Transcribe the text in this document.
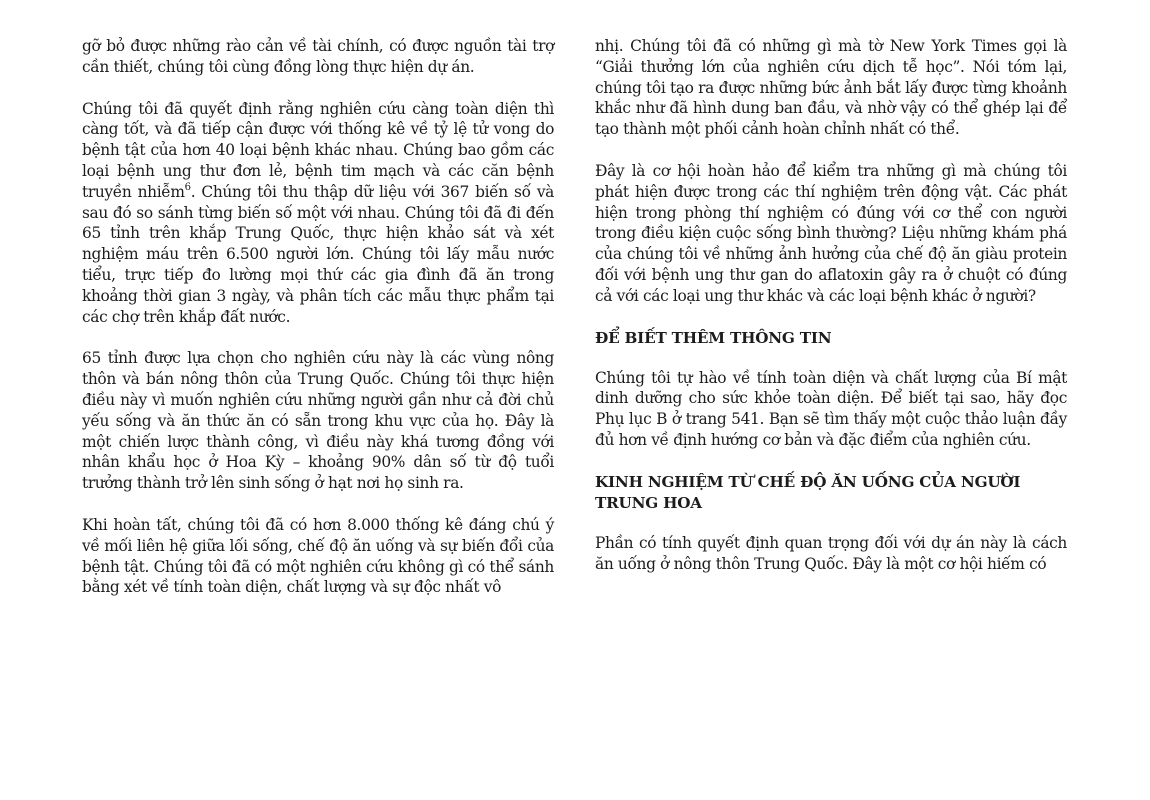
gỡ bỏ được những rào cản về tài chính, có được nguồn tài trợ cần thiết, chúng tôi cùng đồng lòng thực hiện dự án.

Chúng tôi đã quyết định rằng nghiên cứu càng toàn diện thì càng tốt, và đã tiếp cận được với thống kê về tỷ lệ tử vong do bệnh tật của hơn 40 loại bệnh khác nhau. Chúng bao gồm các loại bệnh ung thư đơn lẻ, bệnh tim mạch và các căn bệnh truyền nhiễm$^6$. Chúng tôi thu thập dữ liệu với 367 biến số và sau đó so sánh từng biến số một với nhau. Chúng tôi đã đi đến 65 tỉnh trên khắp Trung Quốc, thực hiện khảo sát và xét nghiệm máu trên 6.500 người lớn. Chúng tôi lấy mẫu nước tiểu, trực tiếp đo lường mọi thứ các gia đình đã ăn trong khoảng thời gian 3 ngày, và phân tích các mẫu thực phẩm tại các chợ trên khắp đất nước.

65 tỉnh được lựa chọn cho nghiên cứu này là các vùng nông thôn và bán nông thôn của Trung Quốc. Chúng tôi thực hiện điều này vì muốn nghiên cứu những người gần như cả đời chủ yếu sống và ăn thức ăn có sẵn trong khu vực của họ. Đây là một chiến lược thành công, vì điều này khá tương đồng với nhân khẩu học ở Hoa Kỳ – khoảng 90% dân số từ độ tuổi trưởng thành trở lên sinh sống ở hạt nơi họ sinh ra.

Khi hoàn tất, chúng tôi đã có hơn 8.000 thống kê đáng chú ý về mối liên hệ giữa lối sống, chế độ ăn uống và sự biến đổi của bệnh tật. Chúng tôi đã có một nghiên cứu không gì có thể sánh bằng xét về tính toàn diện, chất lượng và sự độc nhất vô

nhị. Chúng tôi đã có những gì mà tờ New York Times gọi là “Giải thưởng lớn của nghiên cứu dịch tễ học”. Nói tóm lại, chúng tôi tạo ra được những bức ảnh bắt lấy được từng khoảnh khắc như đã hình dung ban đầu, và nhờ vậy có thể ghép lại để tạo thành một phối cảnh hoàn chỉnh nhất có thể.

Đây là cơ hội hoàn hảo để kiểm tra những gì mà chúng tôi phát hiện được trong các thí nghiệm trên động vật. Các phát hiện trong phòng thí nghiệm có đúng với cơ thể con người trong điều kiện cuộc sống bình thường? Liệu những khám phá của chúng tôi về những ảnh hưởng của chế độ ăn giàu protein đối với bệnh ung thư gan do aflatoxin gây ra ở chuột có đúng cả với các loại ung thư khác và các loại bệnh khác ở người?

ĐỂ BIẾT THÊM THÔNG TIN

Chúng tôi tự hào về tính toàn diện và chất lượng của Bí mật dinh dưỡng cho sức khỏe toàn diện. Để biết tại sao, hãy đọc Phụ lục B ở trang 541. Bạn sẽ tìm thấy một cuộc thảo luận đầy đủ hơn về định hướng cơ bản và đặc điểm của nghiên cứu.

KINH NGHIỆM TỪ CHẾ ĐỘ ĂN UỐNG CỦA NGƯỜI TRUNG HOA

Phần có tính quyết định quan trọng đối với dự án này là cách ăn uống ở nông thôn Trung Quốc. Đây là một cơ hội hiếm có
